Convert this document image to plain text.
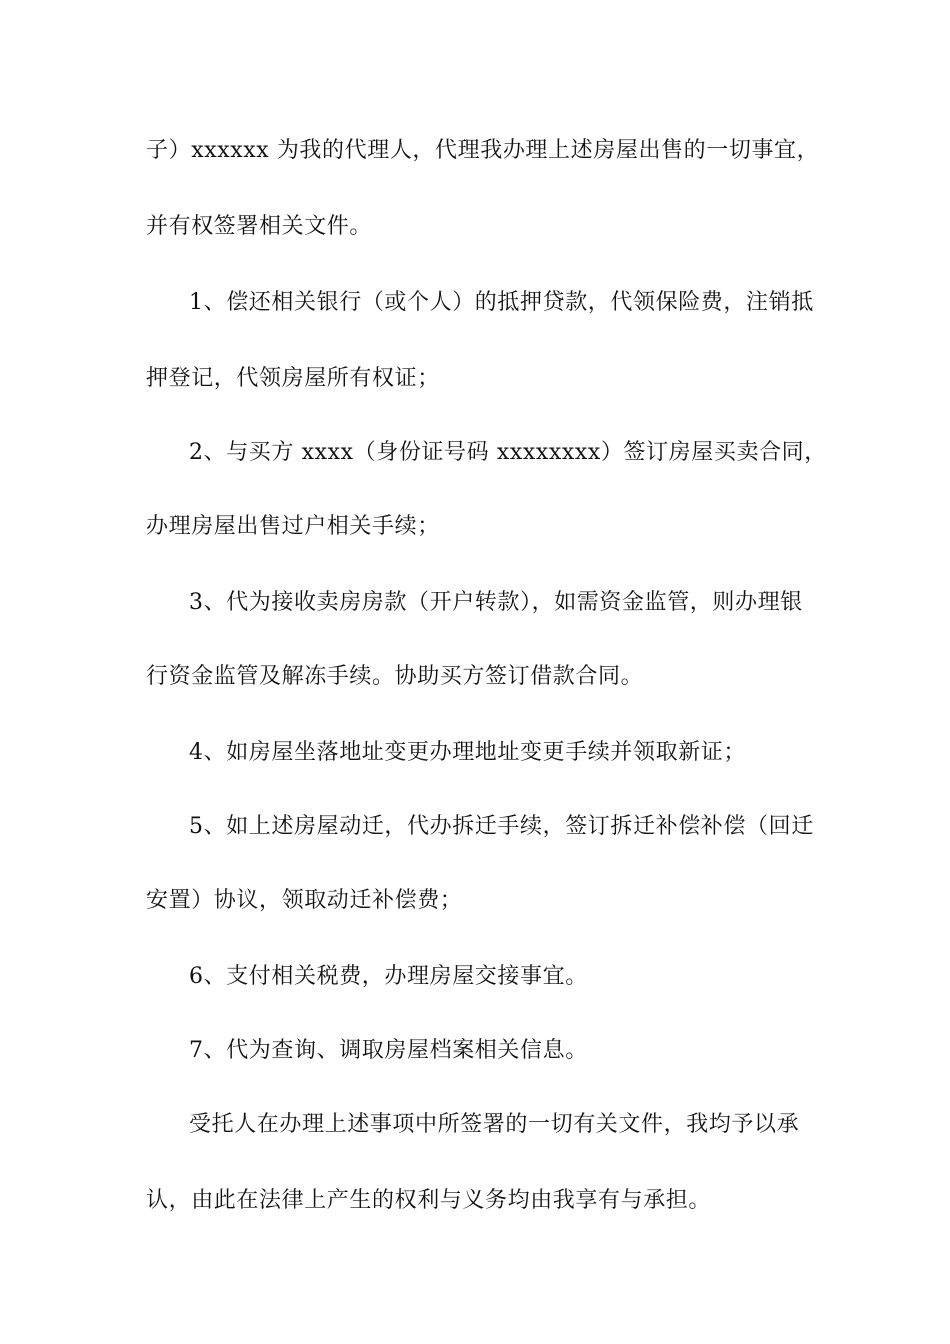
子）xxxxxx 为我的代理人，代理我办理上述房屋出售的一切事宜，
并有权签署相关文件。
1、偿还相关银行（或个人）的抵押贷款，代领保险费，注销抵
押登记，代领房屋所有权证；
2、与买方 xxxx（身份证号码 xxxxxxxx）签订房屋买卖合同，
办理房屋出售过户相关手续；
3、代为接收卖房房款（开户转款），如需资金监管，则办理银
行资金监管及解冻手续。协助买方签订借款合同。
4、如房屋坐落地址变更办理地址变更手续并领取新证；
5、如上述房屋动迁，代办拆迁手续，签订拆迁补偿补偿（回迁
安置）协议，领取动迁补偿费；
6、支付相关税费，办理房屋交接事宜。
7、代为查询、调取房屋档案相关信息。
受托人在办理上述事项中所签署的一切有关文件，我均予以承
认，由此在法律上产生的权利与义务均由我享有与承担。
